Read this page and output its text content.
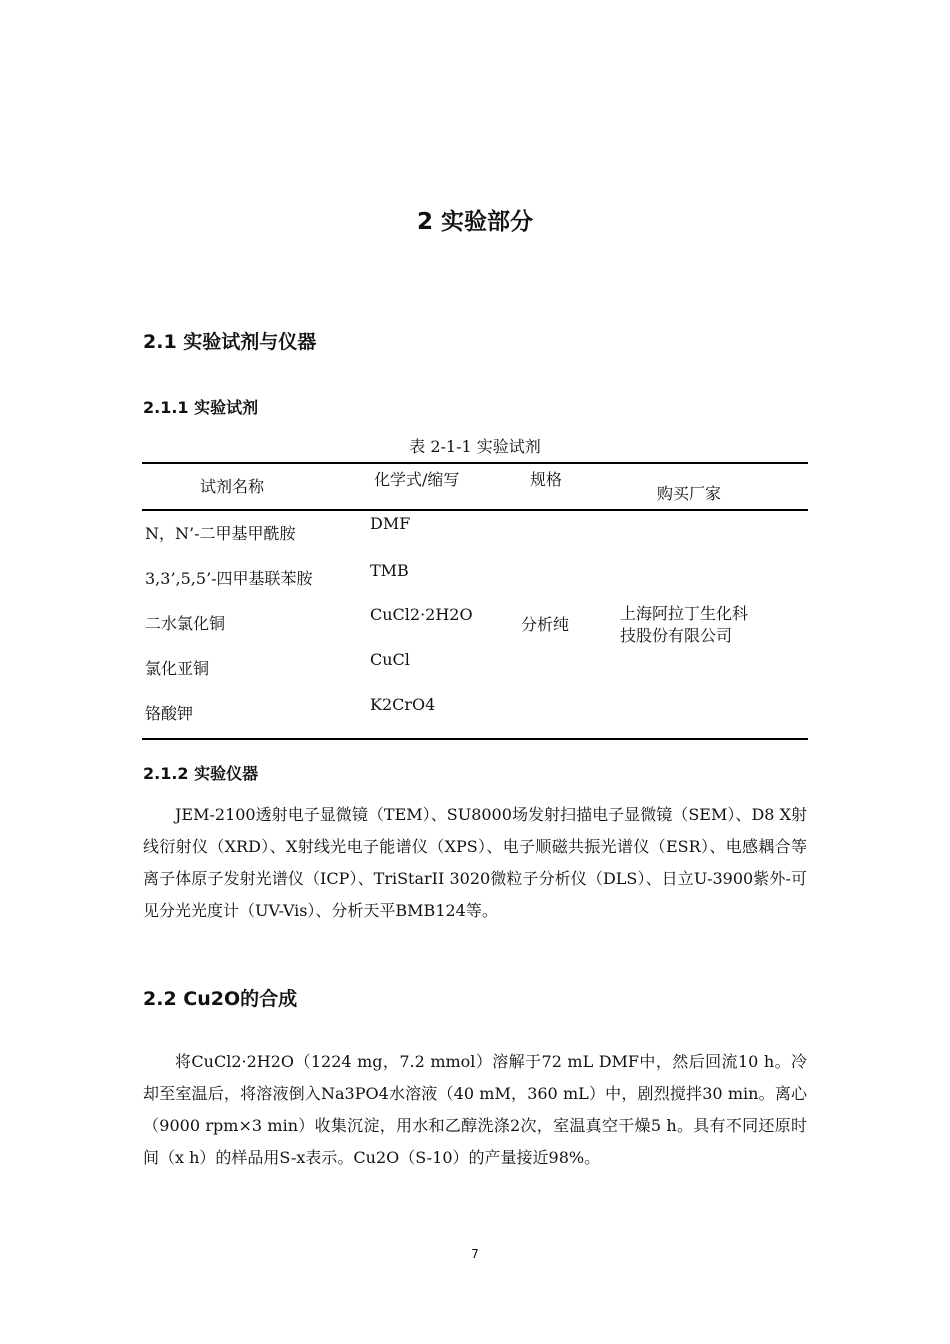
2 实验部分
2.1 实验试剂与仪器
2.1.1 实验试剂
表 2-1-1 实验试剂
试剂名称	化学式/缩写	规格
购买厂家
N，N’-二甲基甲酰胺
3,3’,5,5’-四甲基联苯胺
二水氯化铜
氯化亚铜
铬酸钾
DMF
TMB
CuCl2·2H2O
CuCl
K2CrO4
分析纯
上海阿拉丁生化科
技股份有限公司
2.1.2 实验仪器

JEM-2100透射电子显微镜（TEM）、SU8000场发射扫描电子显微镜（SEM）、D8 X射线衍射仪（XRD）、X射线光电子能谱仪（XPS）、电子顺磁共振光谱仪（ESR）、电感耦合等离子体原子发射光谱仪（ICP）、TriStarII 3020微粒子分析仪（DLS）、日立U-3900紫外-可见分光光度计（UV-Vis）、分析天平BMB124等。

2.2 Cu2O的合成

将CuCl2·2H2O（1224 mg，7.2 mmol）溶解于72 mL DMF中，然后回流10 h。冷却至室温后，将溶液倒入Na3PO4水溶液（40 mM，360 mL）中，剧烈搅拌30 min。离心（9000 rpm×3 min）收集沉淀，用水和乙醇洗涤2次，室温真空干燥5 h。具有不同还原时间（x h）的样品用S-x表示。Cu2O（S-10）的产量接近98%。

7
